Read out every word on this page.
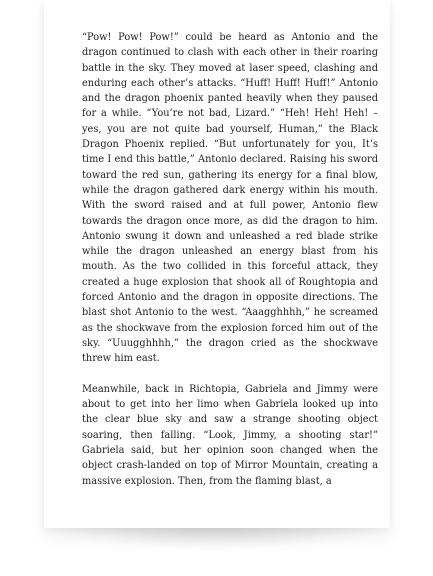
“Pow! Pow! Pow!” could be heard as Antonio and the dragon continued to clash with each other in their roaring battle in the sky. They moved at laser speed, clashing and enduring each other’s attacks. “Huff! Huff! Huff!” Antonio and the dragon phoenix panted heavily when they paused for a while. “You’re not bad, Lizard.” “Heh! Heh! Heh! – yes, you are not quite bad yourself, Human,” the Black Dragon Phoenix replied. “But unfortunately for you, It’s time I end this battle,” Antonio declared. Raising his sword toward the red sun, gathering its energy for a final blow, while the dragon gathered dark energy within his mouth. With the sword raised and at full power, Antonio flew towards the dragon once more, as did the dragon to him. Antonio swung it down and unleashed a red blade strike while the dragon unleashed an energy blast from his mouth. As the two collided in this forceful attack, they created a huge explosion that shook all of Roughtopia and forced Antonio and the dragon in opposite directions. The blast shot Antonio to the west. “Aaagghhhh,” he screamed as the shockwave from the explosion forced him out of the sky. “Uuugghhhh,” the dragon cried as the shockwave threw him east.

Meanwhile, back in Richtopia, Gabriela and Jimmy were about to get into her limo when Gabriela looked up into the clear blue sky and saw a strange shooting object soaring, then falling. “Look, Jimmy, a shooting star!” Gabriela said, but her opinion soon changed when the object crash-landed on top of Mirror Mountain, creating a massive explosion. Then, from the flaming blast, a
